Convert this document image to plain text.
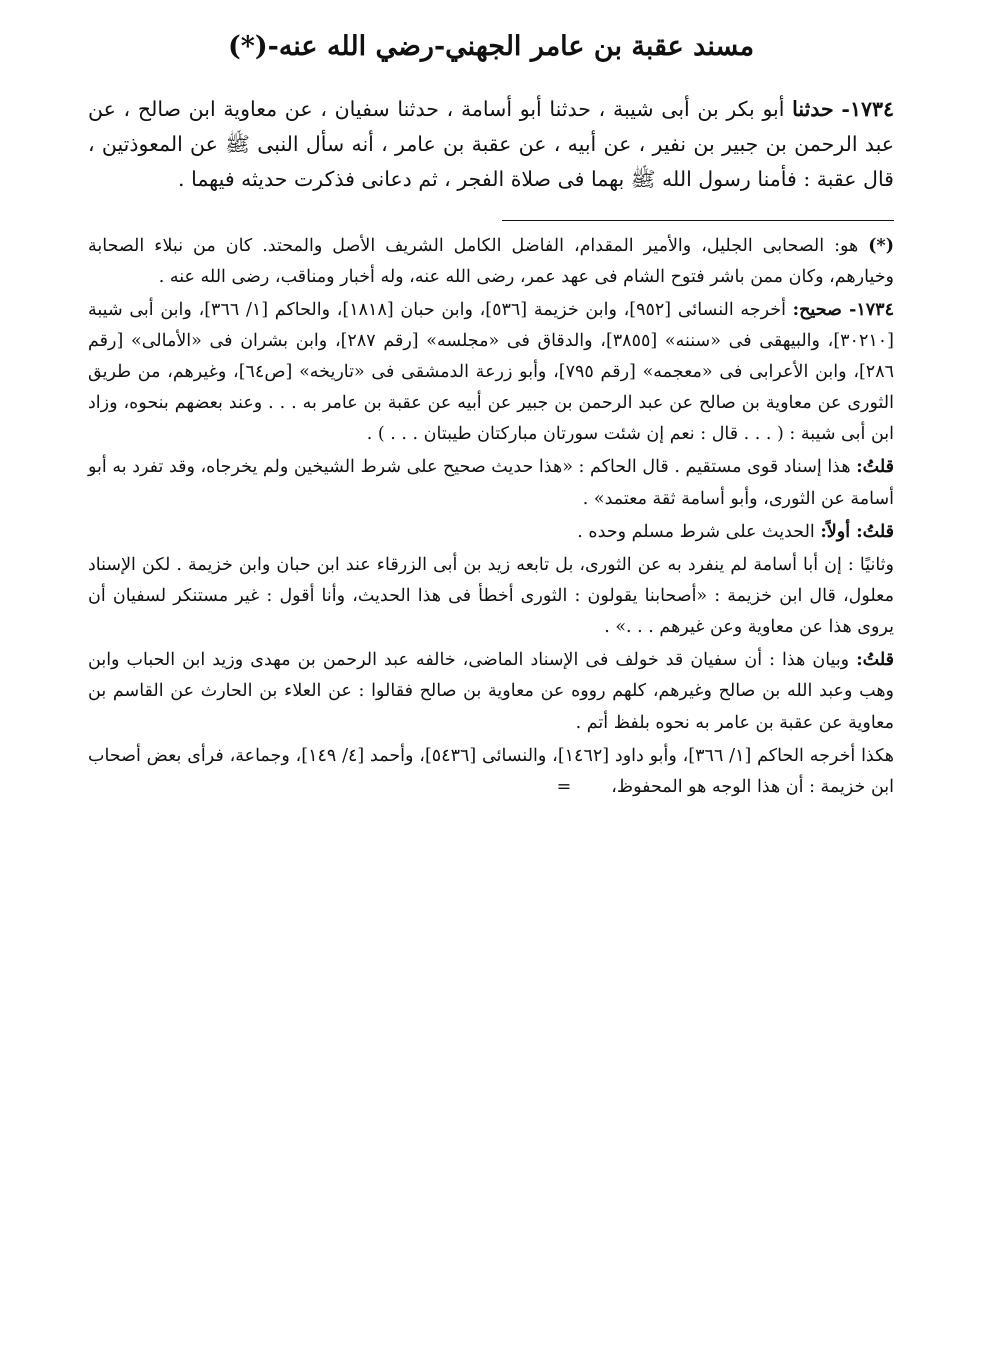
مسند عقبة بن عامر الجهني-رضي الله عنه-(*)

١٧٣٤- حدثنا أبو بكر بن أبى شيبة ، حدثنا أبو أسامة ، حدثنا سفيان ، عن معاوية ابن صالح ، عن عبد الرحمن بن جبير بن نفير ، عن أبيه ، عن عقبة بن عامر ، أنه سأل النبى ﷺ عن المعوذتين ، قال عقبة : فأمنا رسول الله ﷺ بهما فى صلاة الفجر ، ثم دعانى فذكرت حديثه فيهما .

(*) هو: الصحابى الجليل، والأمير المقدام، الفاضل الكامل الشريف الأصل والمحتد. كان من نبلاء الصحابة وخيارهم، وكان ممن باشر فتوح الشام فى عهد عمر، رضى الله عنه، وله أخبار ومناقب، رضى الله عنه .

١٧٣٤- صحيح: أخرجه النسائى [٩٥٢]، وابن خزيمة [٥٣٦]، وابن حبان [١٨١٨]، والحاكم [١/ ٣٦٦]، وابن أبى شيبة [٣٠٢١٠]، والبيهقى فى «سننه» [٣٨٥٥]، والدقاق فى «مجلسه» [رقم ٢٨٧]، وابن بشران فى «الأمالى» [رقم ٢٨٦]، وابن الأعرابى فى «معجمه» [رقم ٧٩٥]، وأبو زرعة الدمشقى فى «تاريخه» [ص٦٤]، وغيرهم، من طريق الثورى عن معاوية بن صالح عن عبد الرحمن بن جبير عن أبيه عن عقبة بن عامر به . . . وعند بعضهم بنحوه، وزاد ابن أبى شيبة : ( . . . قال : نعم إن شئت سورتان مباركتان طيبتان . . . ) .

قلتُ: هذا إسناد قوى مستقيم . قال الحاكم : «هذا حديث صحيح على شرط الشيخين ولم يخرجاه، وقد تفرد به أبو أسامة عن الثورى، وأبو أسامة ثقة معتمد» .

قلتُ: أولاً: الحديث على شرط مسلم وحده .

وثانيًا : إن أبا أسامة لم ينفرد به عن الثورى، بل تابعه زيد بن أبى الزرقاء عند ابن حبان وابن خزيمة . لكن الإسناد معلول، قال ابن خزيمة : «أصحابنا يقولون : الثورى أخطأ فى هذا الحديث، وأنا أقول : غير مستنكر لسفيان أن يروى هذا عن معاوية وعن غيرهم . . .» .

قلتُ: وبيان هذا : أن سفيان قد خولف فى الإسناد الماضى، خالفه عبد الرحمن بن مهدى وزيد ابن الحباب وابن وهب وعبد الله بن صالح وغيرهم، كلهم رووه عن معاوية بن صالح فقالوا : عن العلاء بن الحارث عن القاسم بن معاوية عن عقبة بن عامر به نحوه بلفظ أتم .

هكذا أخرجه الحاكم [١/ ٣٦٦]، وأبو داود [١٤٦٢]، والنسائى [٥٤٣٦]، وأحمد [٤/ ١٤٩]، وجماعة، فرأى بعض أصحاب ابن خزيمة : أن هذا الوجه هو المحفوظ،=
